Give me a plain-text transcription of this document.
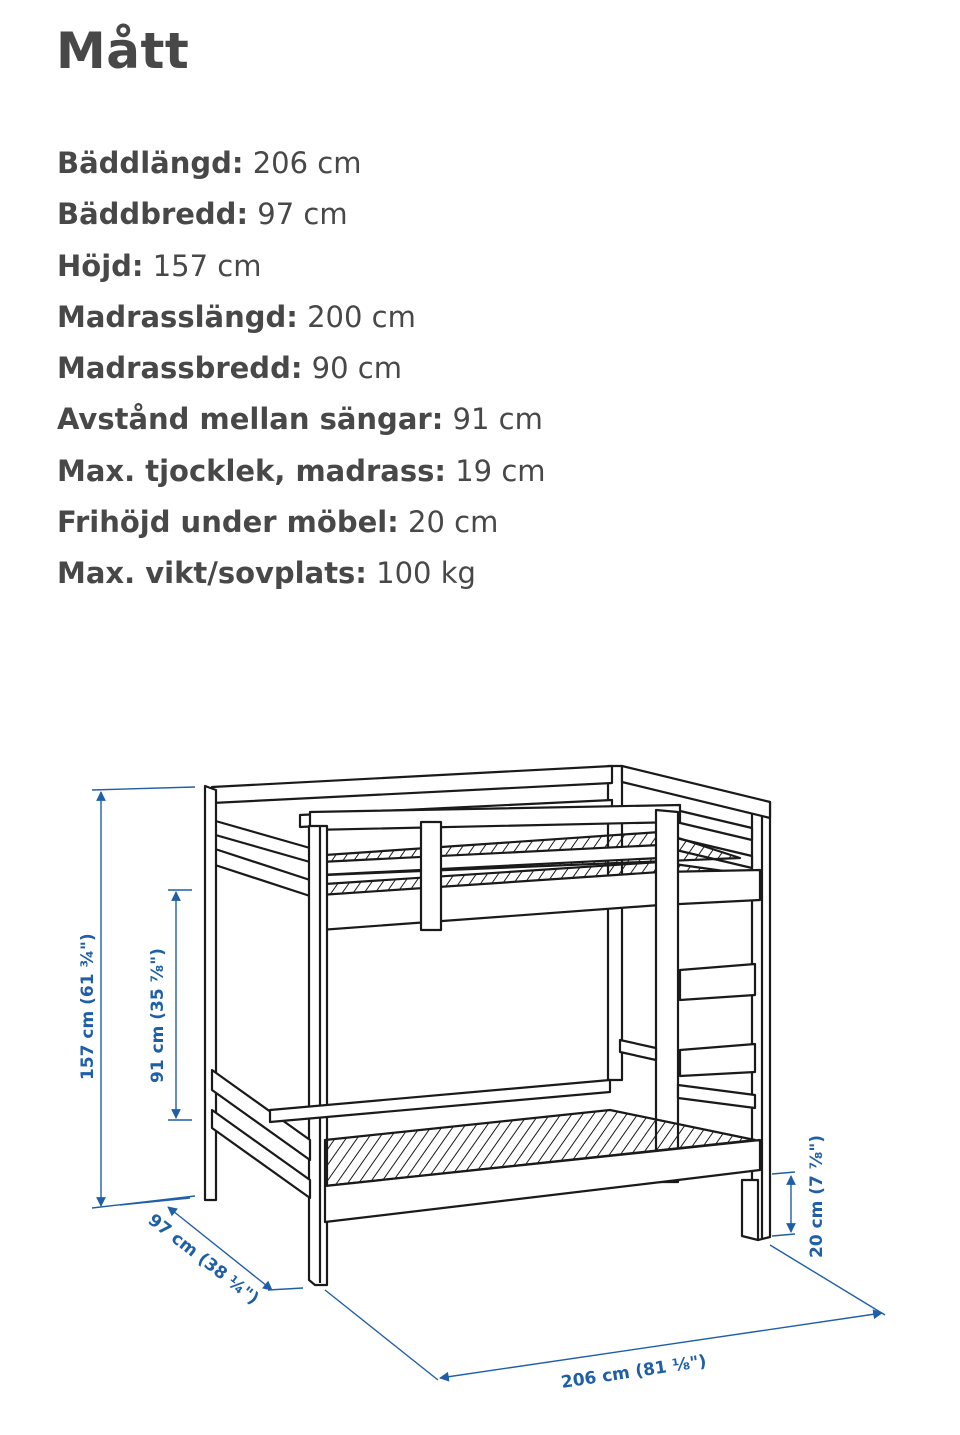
Mått
Bäddlängd: 206 cm
Bäddbredd: 97 cm
Höjd: 157 cm
Madrasslängd: 200 cm
Madrassbredd: 90 cm
Avstånd mellan sängar: 91 cm
Max. tjocklek, madrass: 19 cm
Frihöjd under möbel: 20 cm
Max. vikt/sovplats: 100 kg
157 cm (61 ¾")	91 cm (35 ⅞")
97 cm (38 ¼")
206 cm (81 ⅛")
20 cm (7 ⅞")
